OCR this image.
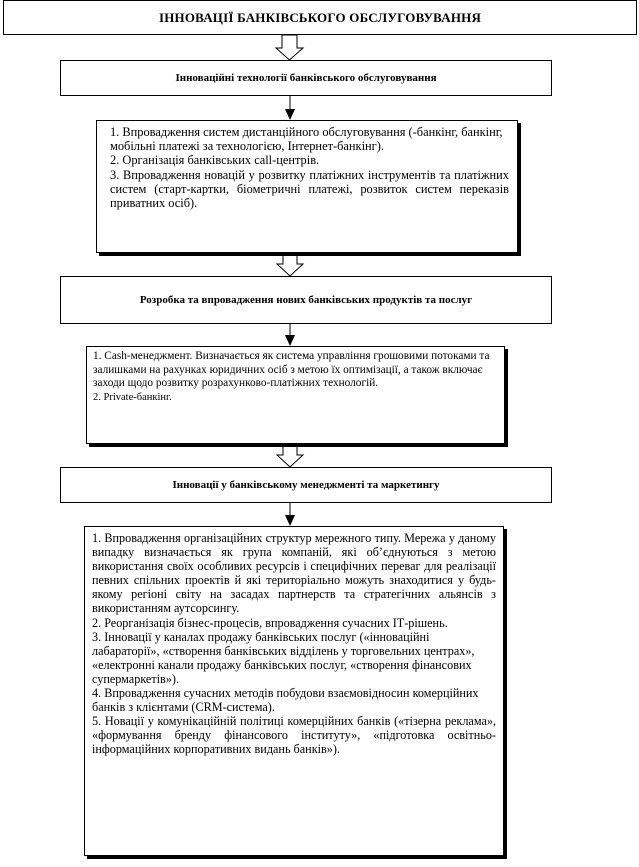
ІННОВАЦІЇ БАНКІВСЬКОГО ОБСЛУГОВУВАННЯ
Інноваційні технології банківського обслуговування

1. Впровадження систем дистанційного обслуговування (-банкінг, банкінг, мобільні платежі за технологією, Інтернет-банкінг).

2. Організація банківських call-центрів.

3. Впровадження новацій у розвитку платіжних інструментів та платіжних систем (старт-картки, біометричні платежі, розвиток систем переказів приватних осіб).

Розробка та впровадження нових банківських продуктів та послуг

1. Cash-менеджмент. Визначається як система управління грошовими потоками та залишками на рахунках юридичних осіб з метою їх оптимізації, а також включає заходи щодо розвитку розрахунково-платіжних технологій.

2. Private-банкінг.

Інновації у банківському менеджменті та маркетингу

1. Впровадження організаційних структур мережного типу. Мережа у даному випадку визначається як група компаній, які об’єднуються з метою використання своїх особливих ресурсів і специфічних переваг для реалізації певних спільних проектів й які територіально можуть знаходитися у будь-якому регіоні світу на засадах партнерств та стратегічних альянсів з використанням аутсорсингу.

2. Реорганізація бізнес-процесів, впровадження сучасних ІТ-рішень.

3. Інновації у каналах продажу банківських послуг («інноваційні лабараторії», «створення банківських відділень у торговельних центрах», «електронні канали продажу банківських послуг, «створення фінансових супермаркетів»).

4. Впровадження сучасних методів побудови взаємовідносин комерційних банків з клієнтами (CRM-система).

5. Новації у комунікаційній політиці комерційних банків («тізерна реклама», «формування бренду фінансового інституту», «підготовка освітньо-інформаційних корпоративних видань банків»).
